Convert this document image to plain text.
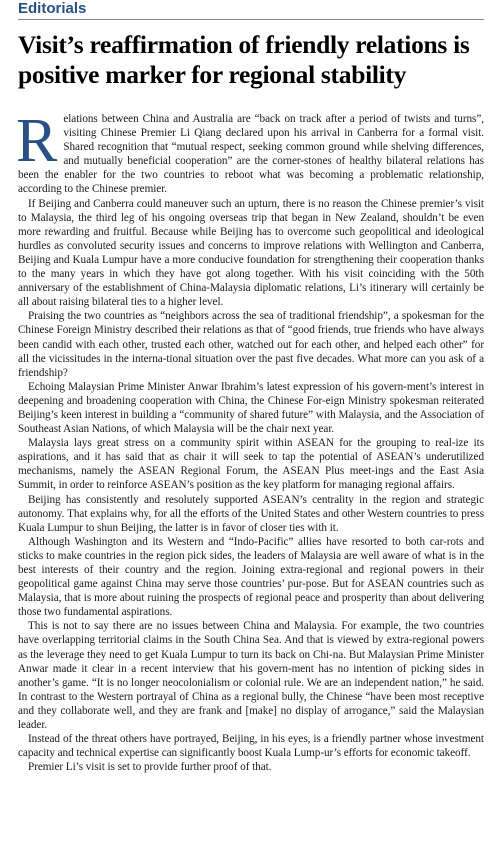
Editorials
Visit’s reaffirmation of friendly relations is positive marker for regional stability

Relations between China and Australia are “back on track after a period of twists and turns”, visiting Chinese Premier Li Qiang declared upon his arrival in Canberra for a formal visit. Shared recognition that “mutual respect, seeking common ground while shelving differences, and mutually beneficial cooperation” are the corner-stones of healthy bilateral relations has been the enabler for the two countries to reboot what was becoming a problematic relationship, according to the Chinese premier.

If Beijing and Canberra could maneuver such an upturn, there is no reason the Chinese premier’s visit to Malaysia, the third leg of his ongoing overseas trip that began in New Zealand, shouldn’t be even more rewarding and fruitful. Because while Beijing has to overcome such geopolitical and ideological hurdles as convoluted security issues and concerns to improve relations with Wellington and Canberra, Beijing and Kuala Lumpur have a more conducive foundation for strengthening their cooperation thanks to the many years in which they have got along together. With his visit coinciding with the 50th anniversary of the establishment of China-Malaysia diplomatic relations, Li’s itinerary will certainly be all about raising bilateral ties to a higher level.

Praising the two countries as “neighbors across the sea of traditional friendship”, a spokesman for the Chinese Foreign Ministry described their relations as that of “good friends, true friends who have always been candid with each other, trusted each other, watched out for each other, and helped each other” for all the vicissitudes in the interna-tional situation over the past five decades. What more can you ask of a friendship?

Echoing Malaysian Prime Minister Anwar Ibrahim’s latest expression of his govern-ment’s interest in deepening and broadening cooperation with China, the Chinese For-eign Ministry spokesman reiterated Beijing’s keen interest in building a “community of shared future” with Malaysia, and the Association of Southeast Asian Nations, of which Malaysia will be the chair next year.

Malaysia lays great stress on a community spirit within ASEAN for the grouping to real-ize its aspirations, and it has said that as chair it will seek to tap the potential of ASEAN’s underutilized mechanisms, namely the ASEAN Regional Forum, the ASEAN Plus meet-ings and the East Asia Summit, in order to reinforce ASEAN’s position as the key platform for managing regional affairs.

Beijing has consistently and resolutely supported ASEAN’s centrality in the region and strategic autonomy. That explains why, for all the efforts of the United States and other Western countries to press Kuala Lumpur to shun Beijing, the latter is in favor of closer ties with it.

Although Washington and its Western and “Indo-Pacific” allies have resorted to both car-rots and sticks to make countries in the region pick sides, the leaders of Malaysia are well aware of what is in the best interests of their country and the region. Joining extra-regional and regional powers in their geopolitical game against China may serve those countries’ pur-pose. But for ASEAN countries such as Malaysia, that is more about ruining the prospects of regional peace and prosperity than about delivering those two fundamental aspirations.

This is not to say there are no issues between China and Malaysia. For example, the two countries have overlapping territorial claims in the South China Sea. And that is viewed by extra-regional powers as the leverage they need to get Kuala Lumpur to turn its back on Chi-na. But Malaysian Prime Minister Anwar made it clear in a recent interview that his govern-ment has no intention of picking sides in another’s game. “It is no longer neocolonialism or colonial rule. We are an independent nation,” he said. In contrast to the Western portrayal of China as a regional bully, the Chinese “have been most receptive and they collaborate well, and they are frank and [make] no display of arrogance,” said the Malaysian leader.

Instead of the threat others have portrayed, Beijing, in his eyes, is a friendly partner whose investment capacity and technical expertise can significantly boost Kuala Lump-ur’s efforts for economic takeoff.

Premier Li’s visit is set to provide further proof of that.
